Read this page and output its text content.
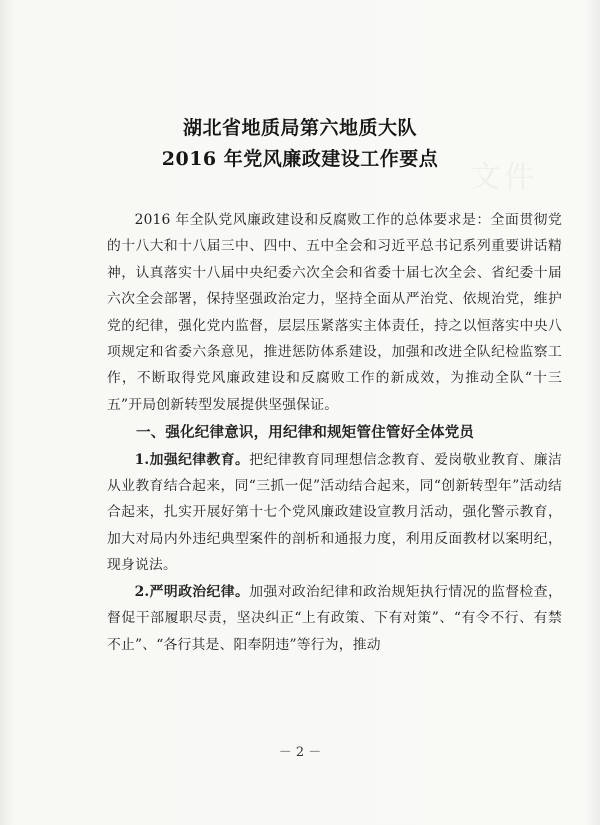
文件
湖北省地质局第六地质大队
2016 年党风廉政建设工作要点

2016 年全队党风廉政建设和反腐败工作的总体要求是：全面贯彻党的十八大和十八届三中、四中、五中全会和习近平总书记系列重要讲话精神，认真落实十八届中央纪委六次全会和省委十届七次全会、省纪委十届六次全会部署，保持坚强政治定力，坚持全面从严治党、依规治党，维护党的纪律，强化党内监督，层层压紧落实主体责任，持之以恒落实中央八项规定和省委六条意见，推进惩防体系建设，加强和改进全队纪检监察工作，不断取得党风廉政建设和反腐败工作的新成效，为推动全队“十三五”开局创新转型发展提供坚强保证。

一、强化纪律意识，用纪律和规矩管住管好全体党员

1.加强纪律教育。把纪律教育同理想信念教育、爱岗敬业教育、廉洁从业教育结合起来，同“三抓一促”活动结合起来，同“创新转型年”活动结合起来，扎实开展好第十七个党风廉政建设宣教月活动，强化警示教育，加大对局内外违纪典型案件的剖析和通报力度，利用反面教材以案明纪，现身说法。

2.严明政治纪律。加强对政治纪律和政治规矩执行情况的监督检查，督促干部履职尽责，坚决纠正“上有政策、下有对策”、“有令不行、有禁不止”、“各行其是、阳奉阴违”等行为，推动

－ 2 －
